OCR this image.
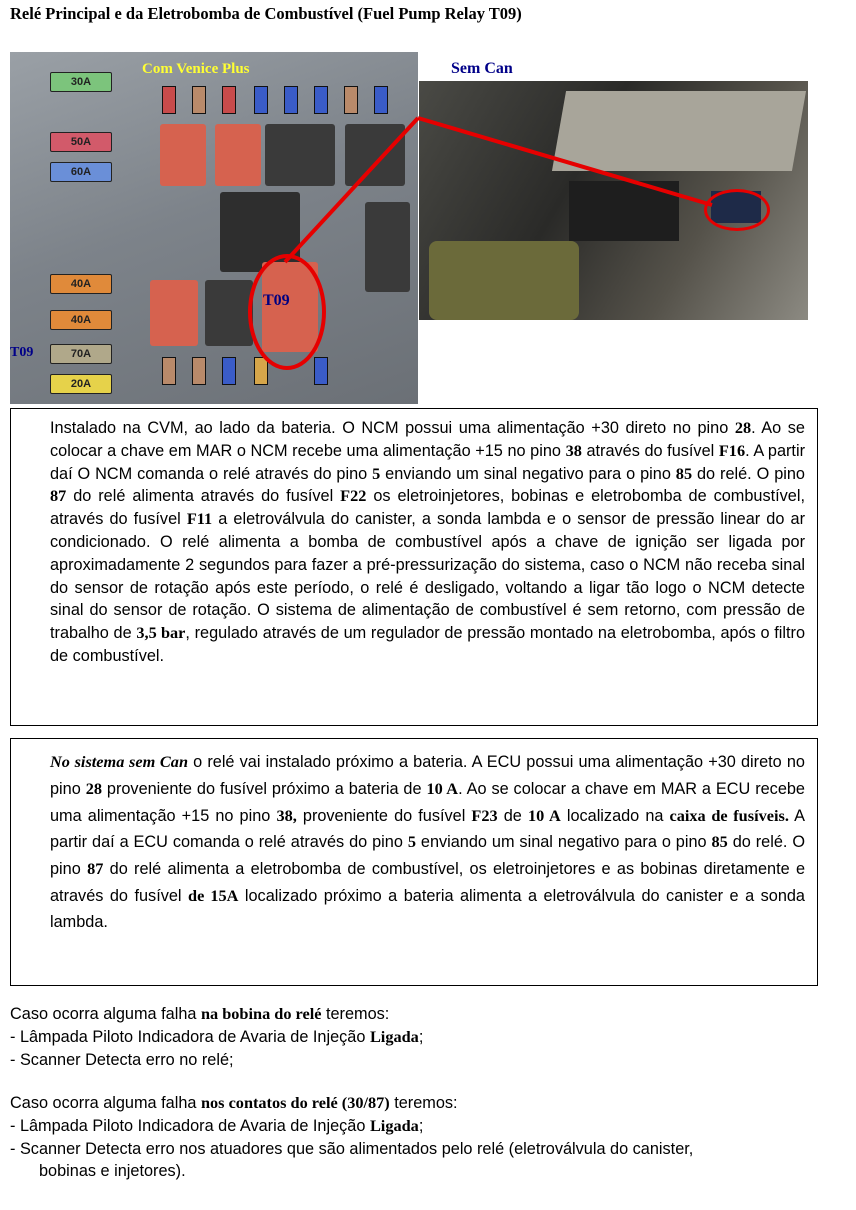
Relé Principal e da Eletrobomba de Combustível (Fuel Pump Relay T09)
30A
50A
60A
40A
40A
70A
20A
Com Venice Plus
T09
T09
Sem Can

Instalado na CVM, ao lado da bateria. O NCM possui uma alimentação +30 direto no pino 28. Ao se colocar a chave em MAR o NCM recebe uma alimentação +15 no pino 38 através do fusível F16. A partir daí O NCM comanda o relé através do pino 5 enviando um sinal negativo para o pino 85 do relé. O pino 87 do relé alimenta através do fusível F22 os eletroinjetores, bobinas e eletrobomba de combustível, através do fusível F11 a eletroválvula do canister, a sonda lambda e o sensor de pressão linear do ar condicionado. O relé alimenta a bomba de combustível após a chave de ignição ser ligada por aproximadamente 2 segundos para fazer a pré-pressurização do sistema, caso o NCM não receba sinal do sensor de rotação após este período, o relé é desligado, voltando a ligar tão logo o NCM detecte sinal do sensor de rotação. O sistema de alimentação de combustível é sem retorno, com pressão de trabalho de 3,5 bar, regulado através de um regulador de pressão montado na eletrobomba, após o filtro de combustível.

No sistema sem Can o relé vai instalado próximo a bateria. A ECU possui uma alimentação +30 direto no pino 28 proveniente do fusível próximo a bateria de 10 A. Ao se colocar a chave em MAR a ECU recebe uma alimentação +15 no pino 38, proveniente do fusível F23 de 10 A localizado na caixa de fusíveis. A partir daí a ECU comanda o relé através do pino 5 enviando um sinal negativo para o pino 85 do relé. O pino 87 do relé alimenta a eletrobomba de combustível, os eletroinjetores e as bobinas diretamente e através do fusível de 15A localizado próximo a bateria alimenta a eletroválvula do canister e a sonda lambda.

Caso ocorra alguma falha na bobina do relé teremos:

- Lâmpada Piloto Indicadora de Avaria de Injeção Ligada;

- Scanner Detecta erro no relé;

Caso ocorra alguma falha nos contatos do relé (30/87) teremos:

- Lâmpada Piloto Indicadora de Avaria de Injeção Ligada;

- Scanner Detecta erro nos atuadores que são alimentados pelo relé (eletroválvula do canister,

bobinas e injetores).
